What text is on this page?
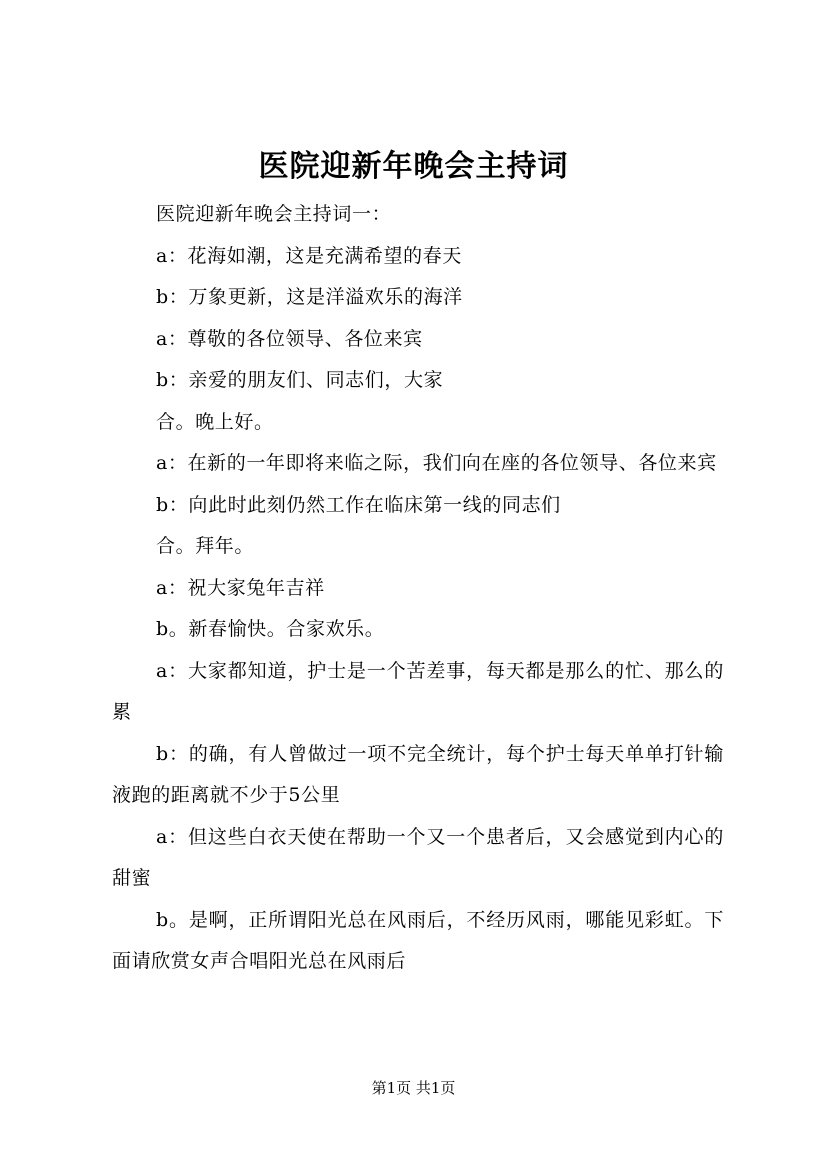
医院迎新年晚会主持词

医院迎新年晚会主持词一：

a：花海如潮，这是充满希望的春天

b：万象更新，这是洋溢欢乐的海洋

a：尊敬的各位领导、各位来宾

b：亲爱的朋友们、同志们，大家

合。晚上好。

a：在新的一年即将来临之际，我们向在座的各位领导、各位来宾

b：向此时此刻仍然工作在临床第一线的同志们

合。拜年。

a：祝大家兔年吉祥

b。新春愉快。合家欢乐。

a：大家都知道，护士是一个苦差事，每天都是那么的忙、那么的累

b：的确，有人曾做过一项不完全统计，每个护士每天单单打针输液跑的距离就不少于5公里

a：但这些白衣天使在帮助一个又一个患者后，又会感觉到内心的甜蜜

b。是啊，正所谓阳光总在风雨后，不经历风雨，哪能见彩虹。下面请欣赏女声合唱阳光总在风雨后

第1页 共1页
